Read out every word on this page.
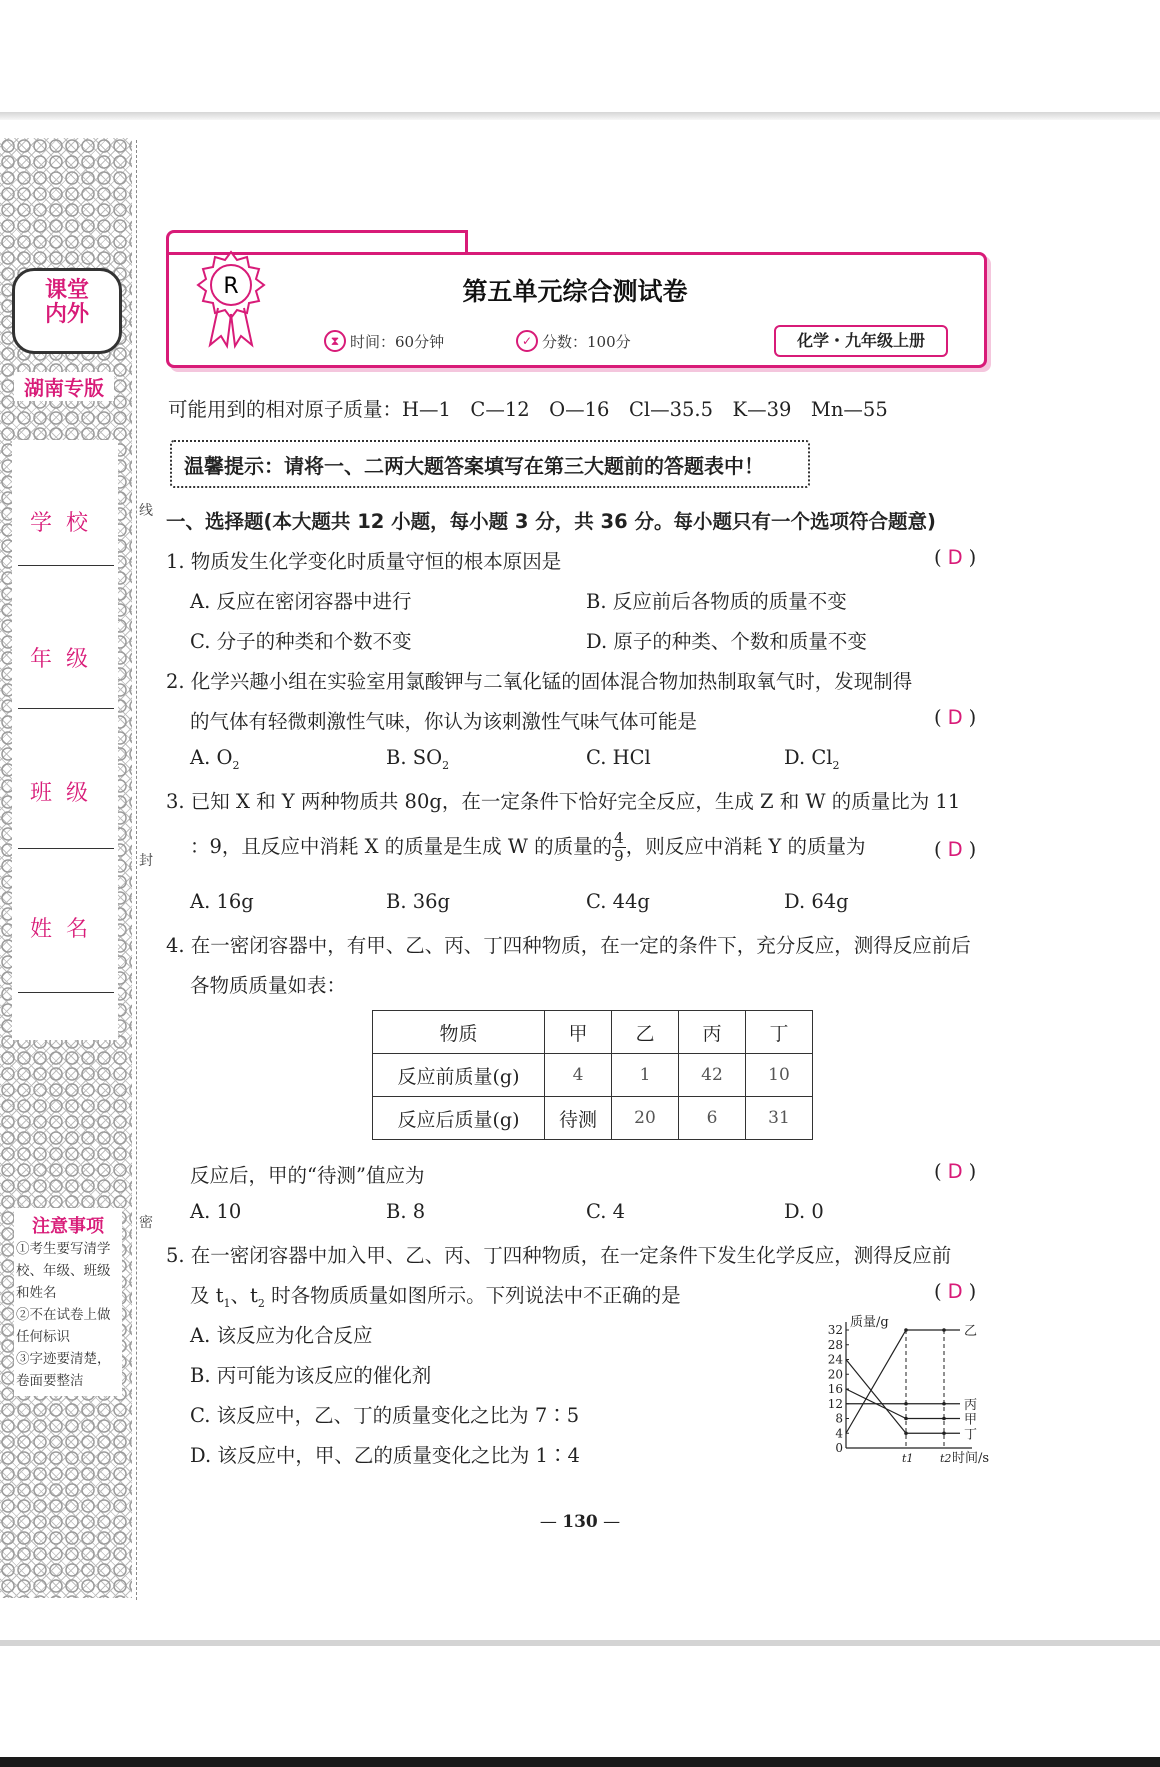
课堂
内外
湖南专版
学校
年级
班级
姓名
注意事项
①考生要写清学校、年级、班级和姓名
②不在试卷上做任何标识
③字迹要清楚，卷面要整洁
线
封
密
R	第五单元综合测试卷
⧗ 时间：60分钟	✓ 分数：100分	化学・九年级上册
可能用到的相对原子质量：H—1　C—12　O—16　Cl—35.5　K—39　Mn—55
温馨提示：请将一、二两大题答案填写在第三大题前的答题表中！
一、选择题(本大题共 12 小题，每小题 3 分，共 36 分。每小题只有一个选项符合题意)
1. 物质发生化学变化时质量守恒的根本原因是	( D )
A. 反应在密闭容器中进行	B. 反应前后各物质的质量不变
C. 分子的种类和个数不变	D. 原子的种类、个数和质量不变
2. 化学兴趣小组在实验室用氯酸钾与二氧化锰的固体混合物加热制取氧气时，发现制得
的气体有轻微刺激性气味，你认为该刺激性气味气体可能是	( D )
A. $O_2$	B. $SO_2$	C. HCl	D. $Cl_2$
3. 已知 X 和 Y 两种物质共 80g，在一定条件下恰好完全反应，生成 Z 和 W 的质量比为 11
：9，且反应中消耗 X 的质量是生成 W 的质量的 $\frac{4}{9}$ ，则反应中消耗 Y 的质量为	( D )
A. 16g	B. 36g	C. 44g	D. 64g
4. 在一密闭容器中，有甲、乙、丙、丁四种物质，在一定的条件下，充分反应，测得反应前后
各物质质量如表：
物质	甲	乙	丙	丁
反应前质量(g)	4	1	42	10
反应后质量(g)	待测	20	6	31
反应后，甲的“待测”值应为	( D )
A. 10	B. 8	C. 4	D. 0
5. 在一密闭容器中加入甲、乙、丙、丁四种物质，在一定条件下发生化学反应，测得反应前
及 $t_1$、$t_2$ 时各物质质量如图所示。下列说法中不正确的是	( D )
A. 该反应为化合反应
B. 丙可能为该反应的催化剂
C. 该反应中，乙、丁的质量变化之比为 7∶5
D. 该反应中，甲、乙的质量变化之比为 1∶4	0
4
8
12
16
20
24
28
32 质量/g
时间/s
t1 t2
乙
丙
甲
丁
— 130 —
